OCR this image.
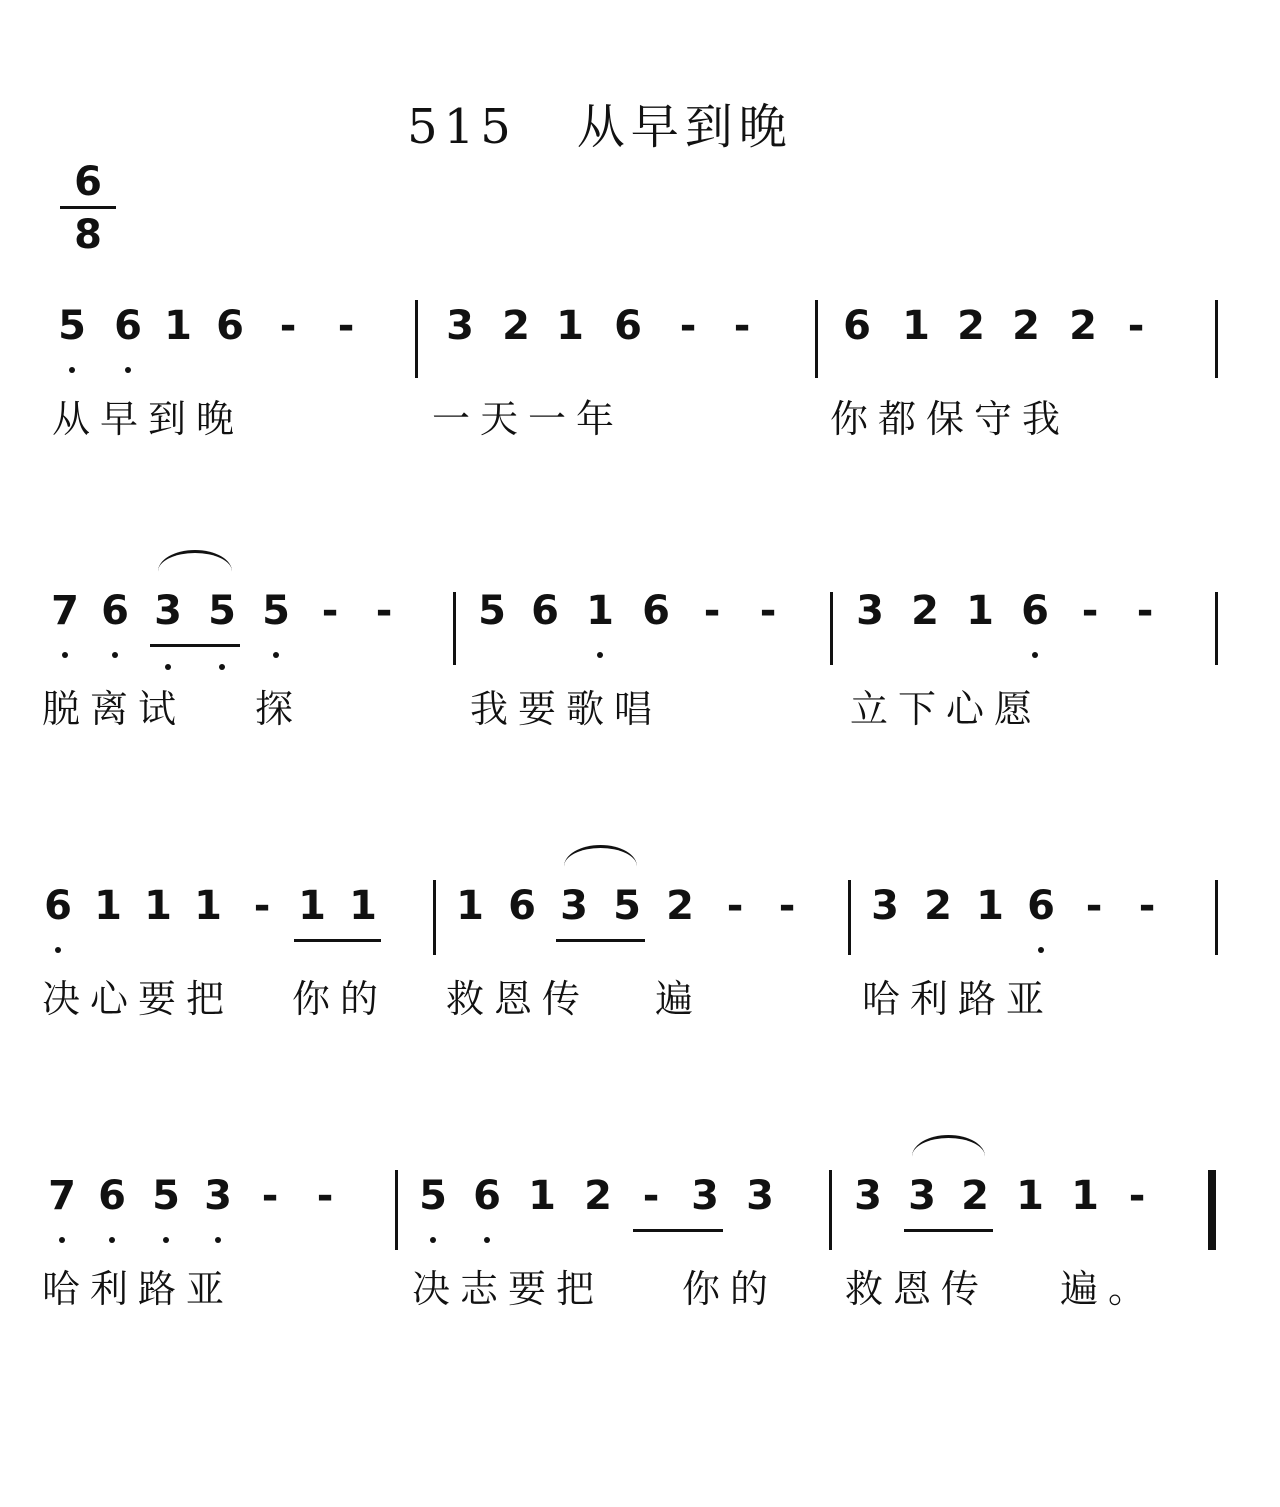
515 从早到晚
6
8
5 6 1 6 - - 3 2 1 6 - - 6 1 2 2 2 -
从早到晚	一天一年	你都保守我
7 6 3 5 5 - - 5 6 1 6 - - 3 2 1 6 - -
脱离试 探	我要歌唱	立下心愿
6 1 1 1 - 1 1 1 6 3 5 2 - - 3 2 1 6 - -
决心要把 你的 救恩传 遍	哈利路亚
7 6 5 3 - - 5 6 1 2 - 3 3 3 3 2 1 1 -
哈利路亚	决志要把 你的 救恩传 遍。
